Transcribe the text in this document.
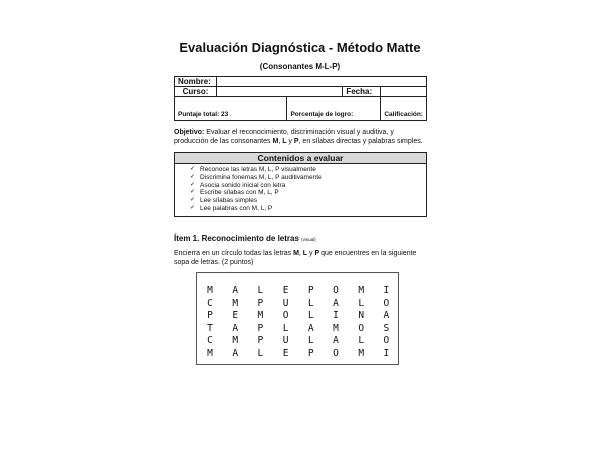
Evaluación Diagnóstica - Método Matte
(Consonantes M-L-P)
Nombre:				
Curso:			Fecha:	
Puntaje total: 23		Porcentaje de logro:		Calificación:
Objetivo: Evaluar el reconocimiento, discriminación visual y auditiva, y producción de las consonantes M, L y P, en sílabas directas y palabras simples.
Contenidos a evaluar
✓ Reconoce las letras M, L, P visualmente
✓ Discrimina fonemas M, L, P auditivamente
✓ Asocia sonido inicial con letra
✓ Escribe sílabas con M, L, P
✓ Lee sílabas simples
✓ Lee palabras con M, L, P
Ítem 1. Reconocimiento de letras (visual)
Encierra en un círculo todas las letras M, L y P que encuentres en la siguiente sopa de letras. (2 puntos)
M A L E P O M I
C M P U L A L O
P E M O L I N A
T A P L A M O S
C M P U L A L O
M A L E P O M I
